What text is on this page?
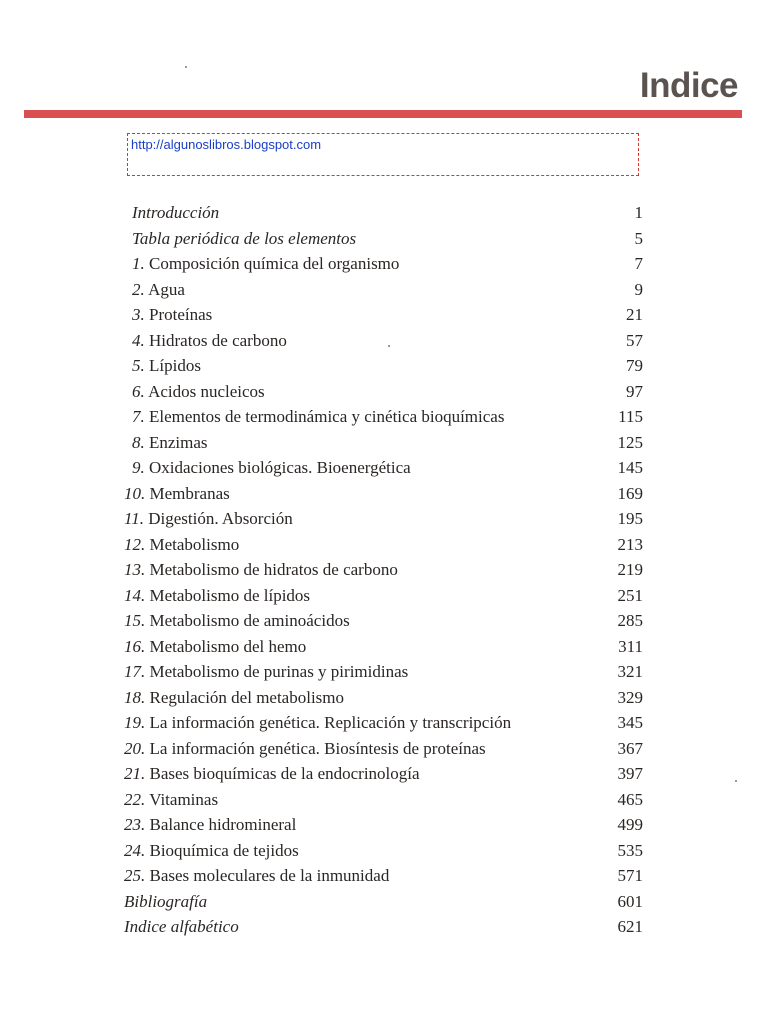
Indice
http://algunoslibros.blogspot.com
Introducción	1
Tabla periódica de los elementos	5
1. Composición química del organismo	7
2. Agua	9
3. Proteínas	21
4. Hidratos de carbono	57
5. Lípidos	79
6. Acidos nucleicos	97
7. Elementos de termodinámica y cinética bioquímicas	115
8. Enzimas	125
9. Oxidaciones biológicas. Bioenergética	145
10. Membranas	169
11. Digestión. Absorción	195
12. Metabolismo	213
13. Metabolismo de hidratos de carbono	219
14. Metabolismo de lípidos	251
15. Metabolismo de aminoácidos	285
16. Metabolismo del hemo	311
17. Metabolismo de purinas y pirimidinas	321
18. Regulación del metabolismo	329
19. La información genética. Replicación y transcripción	345
20. La información genética. Biosíntesis de proteínas	367
21. Bases bioquímicas de la endocrinología	397
22. Vitaminas	465
23. Balance hidromineral	499
24. Bioquímica de tejidos	535
25. Bases moleculares de la inmunidad	571
Bibliografía	601
Indice alfabético	621
